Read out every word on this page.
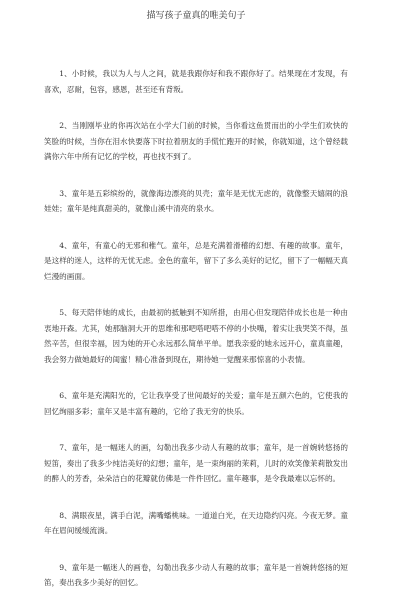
描写孩子童真的唯美句子

1、小时候，我以为人与人之间，就是我跟你好和我不跟你好了。结果现在才发现，有喜欢，忍耐，包容，感恩，甚至还有背叛。

2、当刚刚毕业的你再次站在小学大门前的时候，当你看这鱼贯而出的小学生们欢快的笑脸的时候，当你在泪水快要落下时拉着朋友的手慌忙跑开的时候，你就知道，这个曾经载满你六年中所有记忆的学校，再也找不到了。

3、童年是五彩缤纷的，就像海边漂亮的贝壳；童年是无忧无虑的，就像整天嬉闹的浪娃娃；童年是纯真甜美的，就像山溪中清亮的泉水。

4、童年，有童心的无邪和稚气。童年，总是充满着滑稽的幻想、有趣的故事。童年，是这样的迷人，这样的无忧无虑。金色的童年，留下了多么美好的记忆，留下了一幅幅天真烂漫的画面。

5、每天陪伴她的成长，由最初的抵触到不知所措，由用心但发现陪伴成长也是一种由衷地开森。尤其，她那脑洞大开的思维和那吧嗒吧嗒不停的小快嘴，着实让我哭笑不得，虽然辛苦，但很幸福，因为她的开心永远那么简单平单。愿我亲爱的她永远开心，童真童趣，我会努力做她最好的闺蜜！精心准备到现在，期待她一觉醒来那惊喜的小表情。

6、童年是充满阳光的，它让我享受了世间最好的关爱；童年是五颜六色的，它使我的回忆绚丽多彩；童年又是丰富有趣的，它给了我无穷的快乐。

7、童年，是一幅迷人的画，勾勒出我多少动人有趣的故事；童年，是一首婉转悠扬的短笛，奏出了我多少纯洁美好的幻想；童年，是一束绚丽的茉莉，儿时的欢笑像茉莉散发出的醉人的芳香，朵朵洁白的花瓣就仿佛是一件件回忆。童年趣事，是令我最难以忘怀的。

8、满眼夜星，满手白泥，满嘴蟠桃味。一道道白光，在天边隐约闪亮。今夜无梦。童年在眉间缓缓流淌。

9、童年是一幅迷人的画卷，勾勒出我多少动人有趣的故事；童年是一首婉转悠扬的短笛，奏出我多少美好的回忆。
